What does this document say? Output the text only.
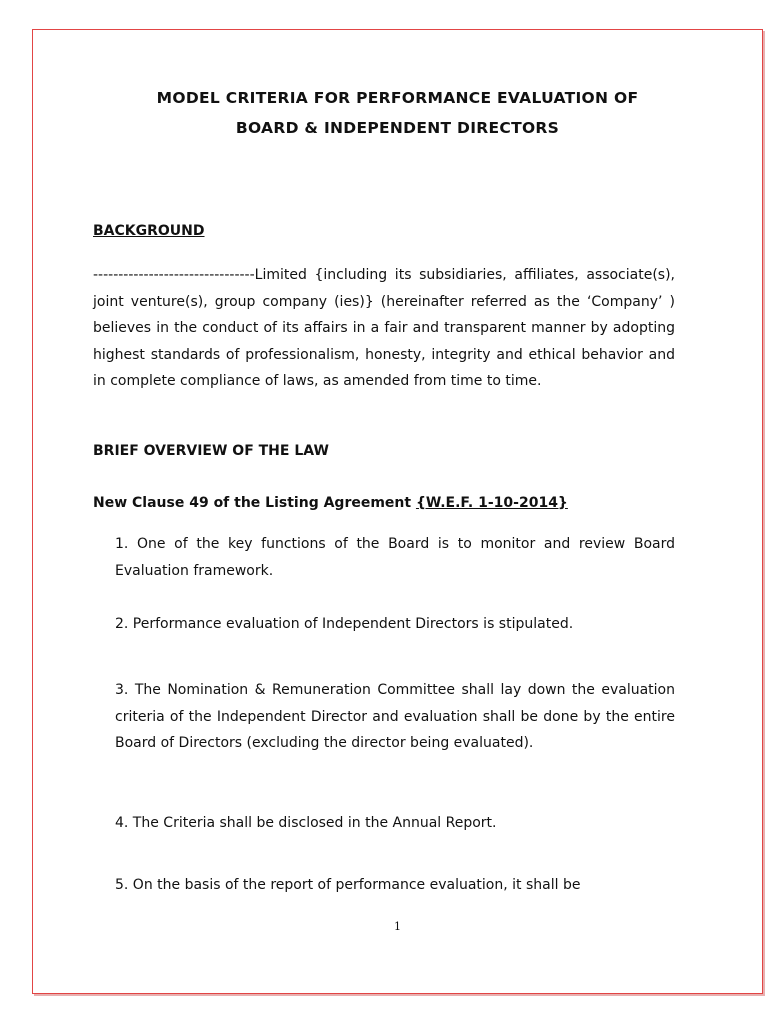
MODEL CRITERIA FOR PERFORMANCE EVALUATION OF
BOARD & INDEPENDENT DIRECTORS
BACKGROUND

--------------------------------Limited {including its subsidiaries, affiliates, associate(s), joint venture(s), group company (ies)} (hereinafter referred as the ‘Company’ ) believes in the conduct of its affairs in a fair and transparent manner by adopting highest standards of professionalism, honesty, integrity and ethical behavior and in complete compliance of laws, as amended from time to time.

BRIEF OVERVIEW OF THE LAW
New Clause 49 of the Listing Agreement {W.E.F. 1-10-2014}

1. One of the key functions of the Board is to monitor and review Board Evaluation framework.

2. Performance evaluation of Independent Directors is stipulated.

3. The Nomination & Remuneration Committee shall lay down the evaluation criteria of the Independent Director and evaluation shall be done by the entire Board of Directors (excluding the director being evaluated).

4. The Criteria shall be disclosed in the Annual Report.

5. On the basis of the report of performance evaluation, it shall be

1
